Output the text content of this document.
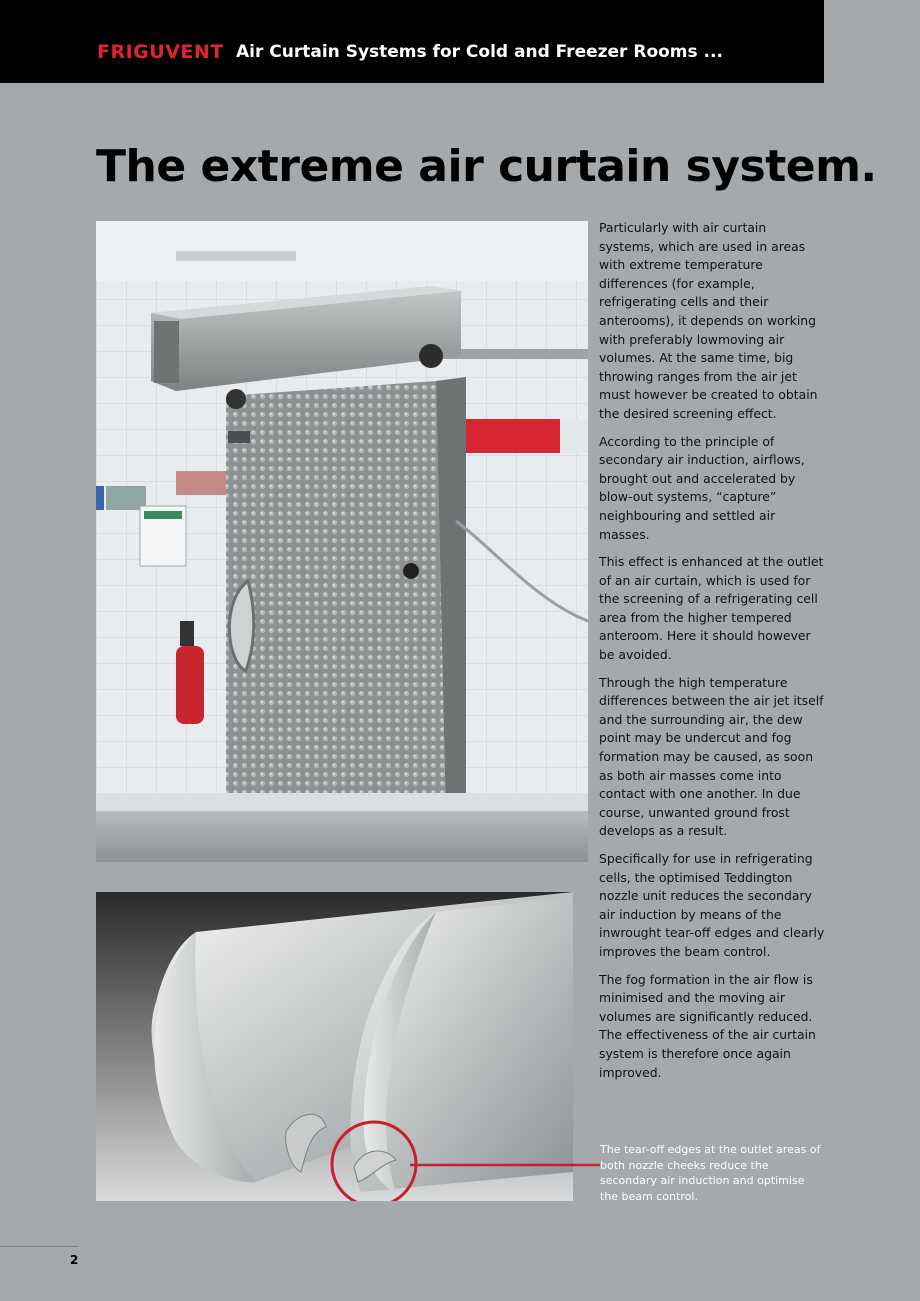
FRIGUVENT Air Curtain Systems for Cold and Freezer Rooms ...
The extreme air curtain system.

Particularly with air curtain systems, which are used in areas with extreme temperature differences (for example, refrigerating cells and their anterooms), it depends on working with preferably lowmoving air volumes. At the same time, big throwing ranges from the air jet must however be created to obtain the desired screening effect.

According to the principle of secondary air induction, airflows, brought out and accelerated by blow-out systems, “capture” neighbouring and settled air masses.

This effect is enhanced at the outlet of an air curtain, which is used for the screening of a refrigerating cell area from the higher tempered anteroom. Here it should however be avoided.

Through the high temperature differences between the air jet itself and the surrounding air, the dew point may be undercut and fog formation may be caused, as soon as both air masses come into contact with one another. In due course, unwanted ground frost develops as a result.

Specifically for use in refrigerating cells, the optimised Teddington nozzle unit reduces the secondary air induction by means of the inwrought tear-off edges and clearly improves the beam control.

The fog formation in the air flow is minimised and the moving air volumes are significantly reduced. The effectiveness of the air curtain system is therefore once again improved.

The tear-off edges at the outlet areas of both nozzle cheeks reduce the secondary air induction and optimise the beam control.
2
